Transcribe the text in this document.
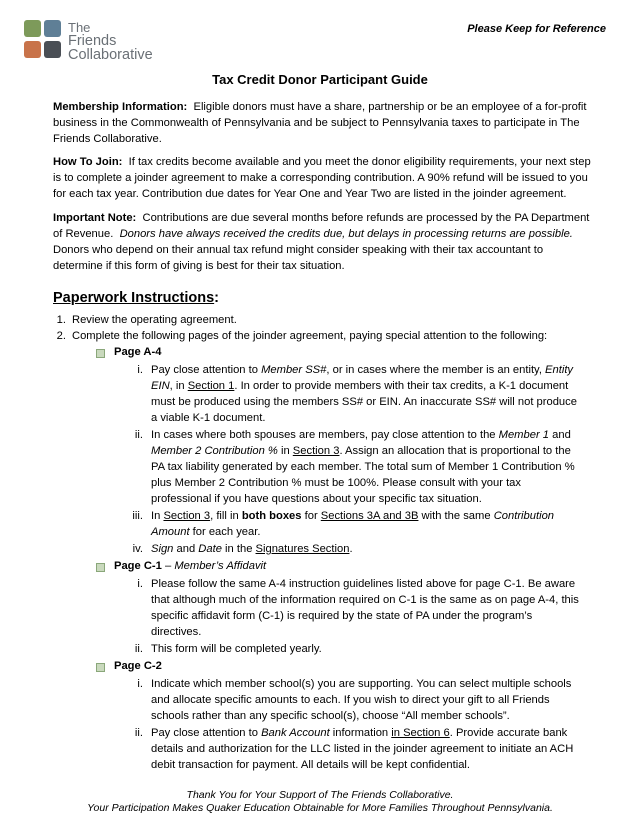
The
Friends
Collaborative
Please Keep for Reference
Tax Credit Donor Participant Guide
Membership Information: Eligible donors must have a share, partnership or be an employee of a for-profit business in the Commonwealth of Pennsylvania and be subject to Pennsylvania taxes to participate in The Friends Collaborative.
How To Join: If tax credits become available and you meet the donor eligibility requirements, your next step is to complete a joinder agreement to make a corresponding contribution. A 90% refund will be issued to you for each tax year. Contribution due dates for Year One and Year Two are listed in the joinder agreement.
Important Note: Contributions are due several months before refunds are processed by the PA Department of Revenue. Donors have always received the credits due, but delays in processing returns are possible. Donors who depend on their annual tax refund might consider speaking with their tax accountant to determine if this form of giving is best for their tax situation.
Paperwork Instructions:
1. Review the operating agreement.
2. Complete the following pages of the joinder agreement, paying special attention to the following:
Page A-4
i. Pay close attention to Member SS#, or in cases where the member is an entity, Entity EIN, in Section 1. In order to provide members with their tax credits, a K-1 document must be produced using the members SS# or EIN. An inaccurate SS# will not produce a viable K-1 document.
ii. In cases where both spouses are members, pay close attention to the Member 1 and Member 2 Contribution % in Section 3. Assign an allocation that is proportional to the PA tax liability generated by each member. The total sum of Member 1 Contribution % plus Member 2 Contribution % must be 100%. Please consult with your tax professional if you have questions about your specific tax situation.
iii. In Section 3, fill in both boxes for Sections 3A and 3B with the same Contribution Amount for each year.
iv. Sign and Date in the Signatures Section.
Page C-1 – Member’s Affidavit
i. Please follow the same A-4 instruction guidelines listed above for page C-1. Be aware that although much of the information required on C-1 is the same as on page A-4, this specific affidavit form (C-1) is required by the state of PA under the program’s directives.
ii. This form will be completed yearly.
Page C-2
i. Indicate which member school(s) you are supporting. You can select multiple schools and allocate specific amounts to each. If you wish to direct your gift to all Friends schools rather than any specific school(s), choose “All member schools”.
ii. Pay close attention to Bank Account information in Section 6. Provide accurate bank details and authorization for the LLC listed in the joinder agreement to initiate an ACH debit transaction for payment. All details will be kept confidential.
Thank You for Your Support of The Friends Collaborative.
Your Participation Makes Quaker Education Obtainable for More Families Throughout Pennsylvania.
